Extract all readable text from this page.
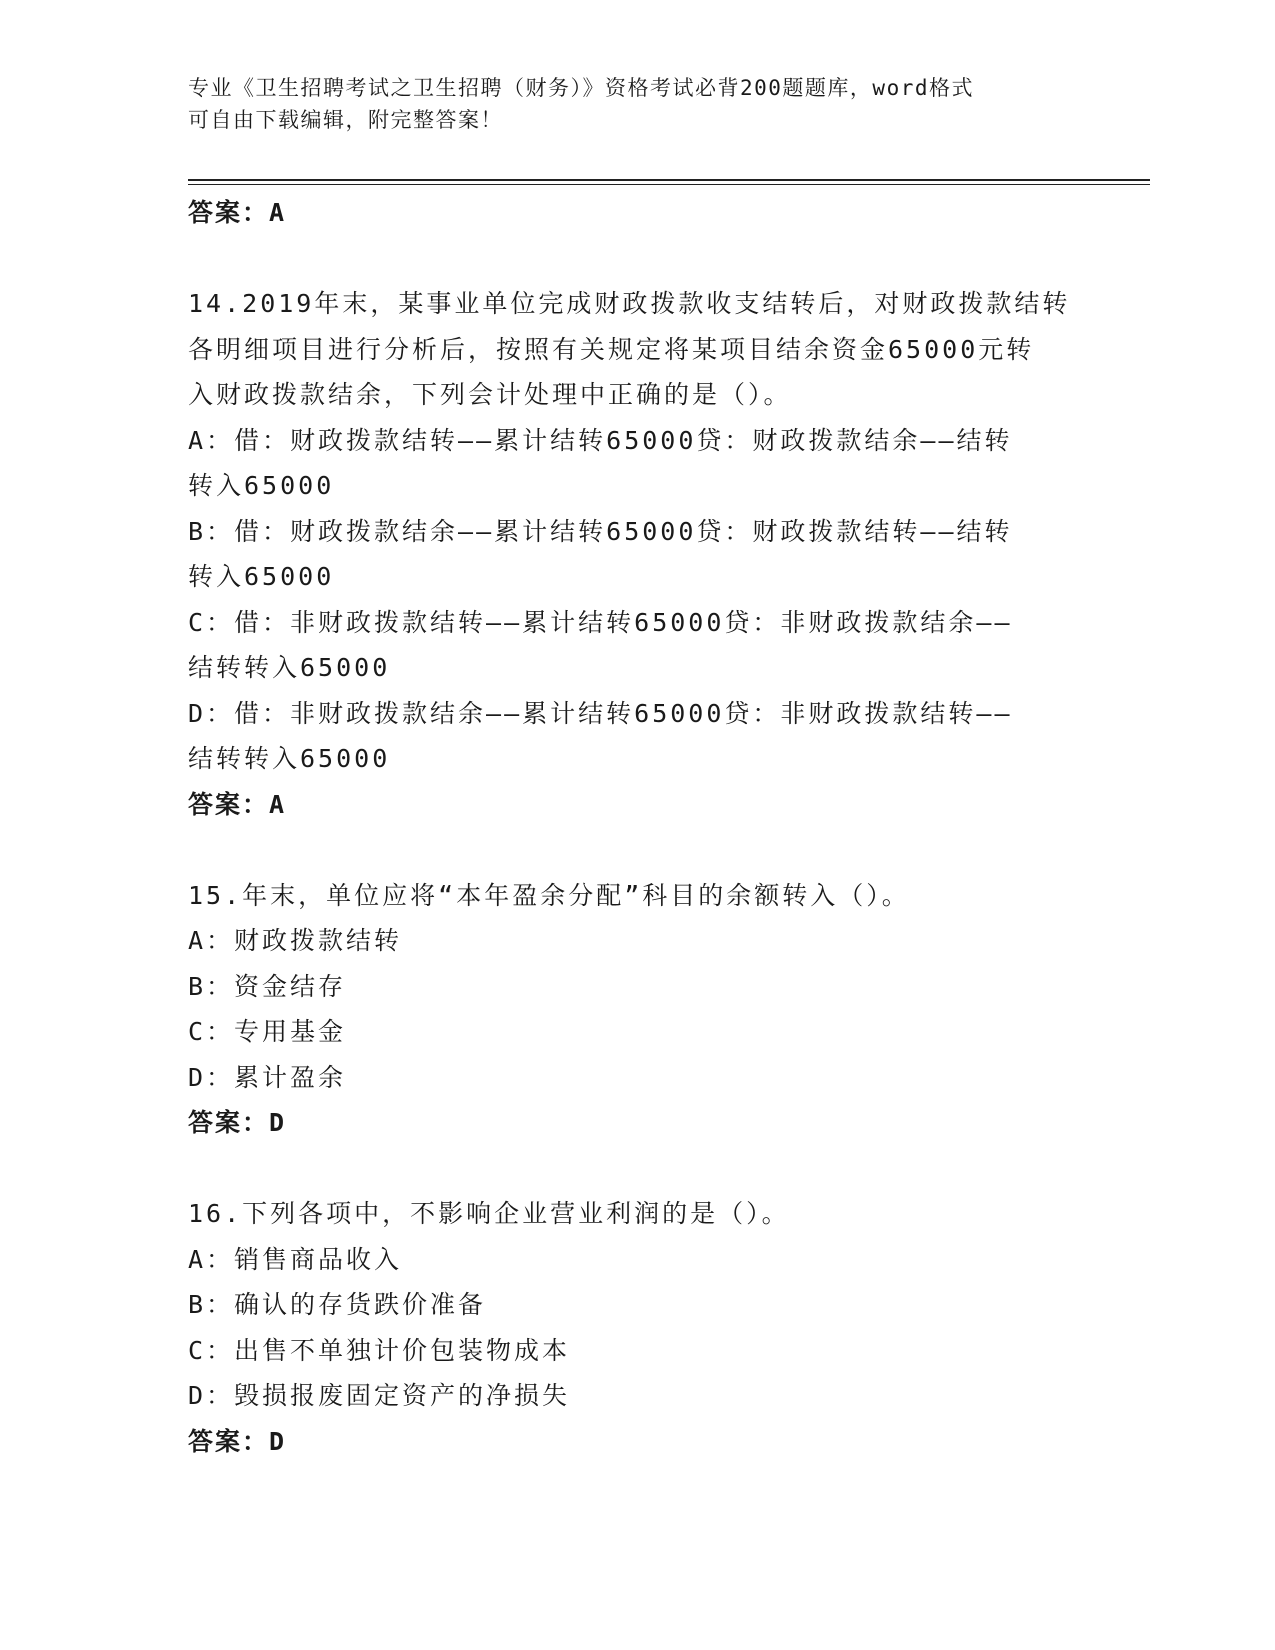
专业《卫生招聘考试之卫生招聘（财务）》资格考试必背200题题库，word格式
可自由下载编辑，附完整答案！
答案：A
14.2019年末，某事业单位完成财政拨款收支结转后，对财政拨款结转
各明细项目进行分析后，按照有关规定将某项目结余资金65000元转
入财政拨款结余，下列会计处理中正确的是（）。
A：借：财政拨款结转——累计结转65000贷：财政拨款结余——结转
转入65000
B：借：财政拨款结余——累计结转65000贷：财政拨款结转——结转
转入65000
C：借：非财政拨款结转——累计结转65000贷：非财政拨款结余——
结转转入65000
D：借：非财政拨款结余——累计结转65000贷：非财政拨款结转——
结转转入65000
答案：A
15.年末，单位应将“本年盈余分配”科目的余额转入（）。
A：财政拨款结转
B：资金结存
C：专用基金
D：累计盈余
答案：D
16.下列各项中，不影响企业营业利润的是（）。
A：销售商品收入
B：确认的存货跌价准备
C：出售不单独计价包装物成本
D：毁损报废固定资产的净损失
答案：D
